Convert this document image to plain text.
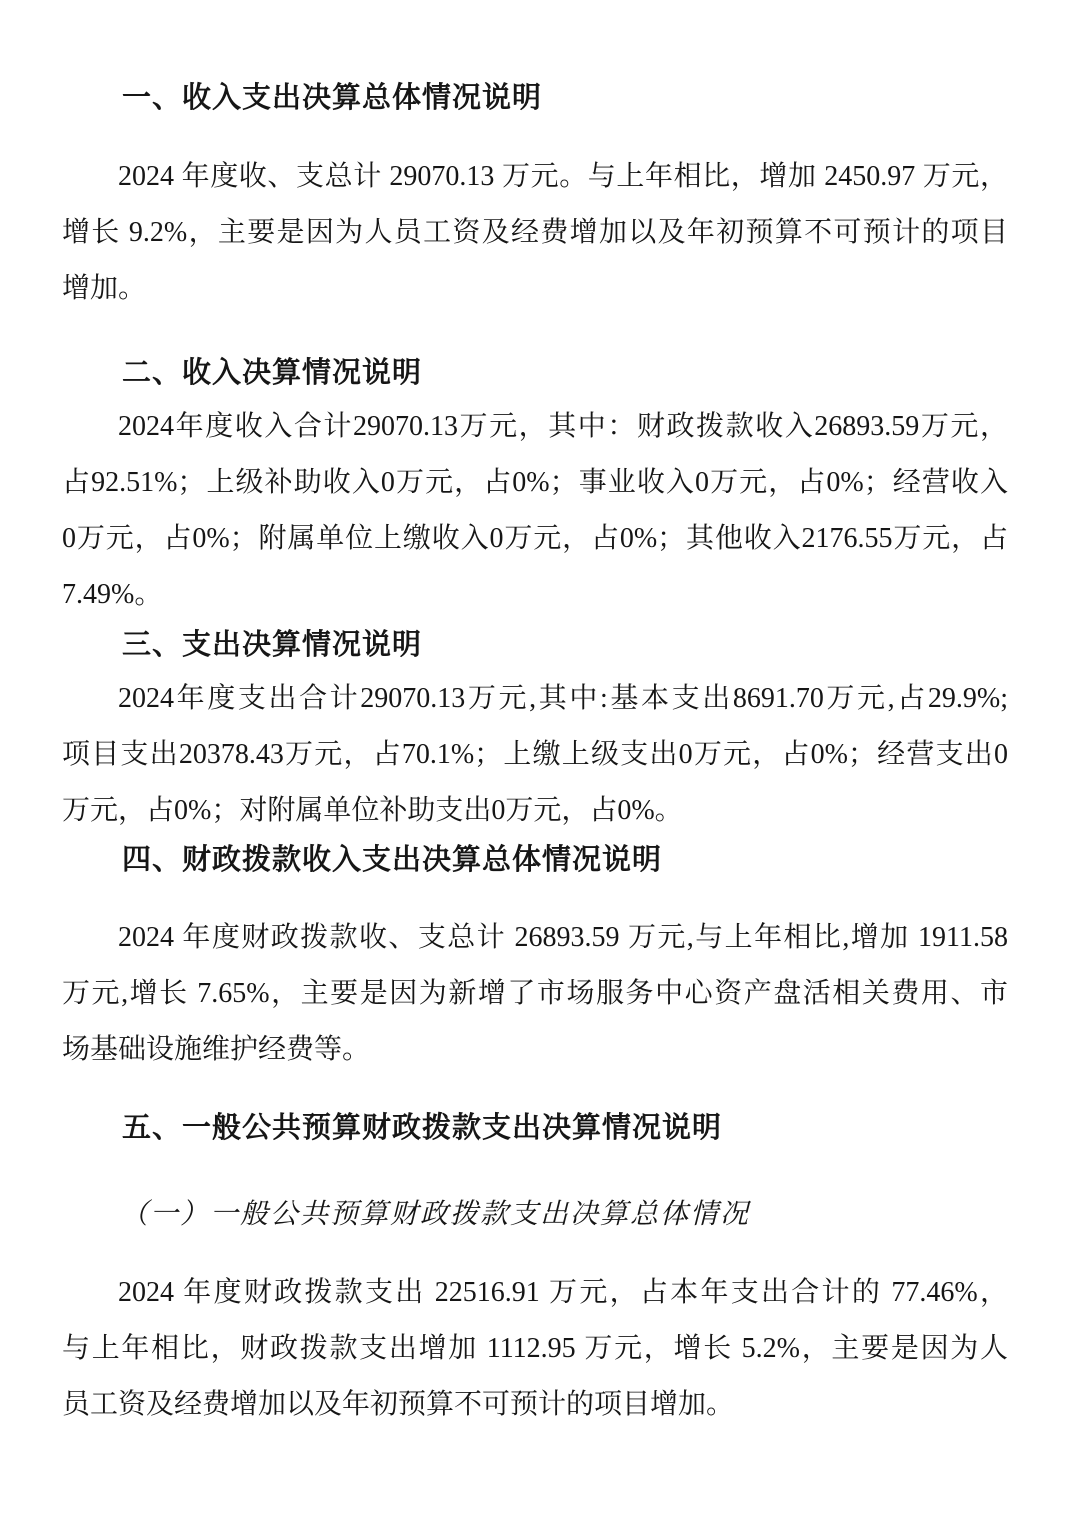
一、收入支出决算总体情况说明
2024 年度收、支总计 29070.13 万元。与上年相比，增加 2450.97 万元，
增长 9.2%，主要是因为人员工资及经费增加以及年初预算不可预计的项目
增加。
二、收入决算情况说明
2024年度收入合计29070.13万元，其中：财政拨款收入26893.59万元，
占92.51%；上级补助收入0万元，占0%；事业收入0万元，占0%；经营收入
0万元，占0%；附属单位上缴收入0万元，占0%；其他收入2176.55万元，占
7.49%。
三、支出决算情况说明
2024年度支出合计29070.13万元,其中:基本支出8691.70万元,占29.9%;
项目支出20378.43万元，占70.1%；上缴上级支出0万元，占0%；经营支出0
万元，占0%；对附属单位补助支出0万元，占0%。
四、财政拨款收入支出决算总体情况说明
2024 年度财政拨款收、支总计 26893.59 万元,与上年相比,增加 1911.58
万元,增长 7.65%，主要是因为新增了市场服务中心资产盘活相关费用、市
场基础设施维护经费等。
五、一般公共预算财政拨款支出决算情况说明
（一）一般公共预算财政拨款支出决算总体情况
2024 年度财政拨款支出 22516.91 万元，占本年支出合计的 77.46%，
与上年相比，财政拨款支出增加 1112.95 万元，增长 5.2%，主要是因为人
员工资及经费增加以及年初预算不可预计的项目增加。
